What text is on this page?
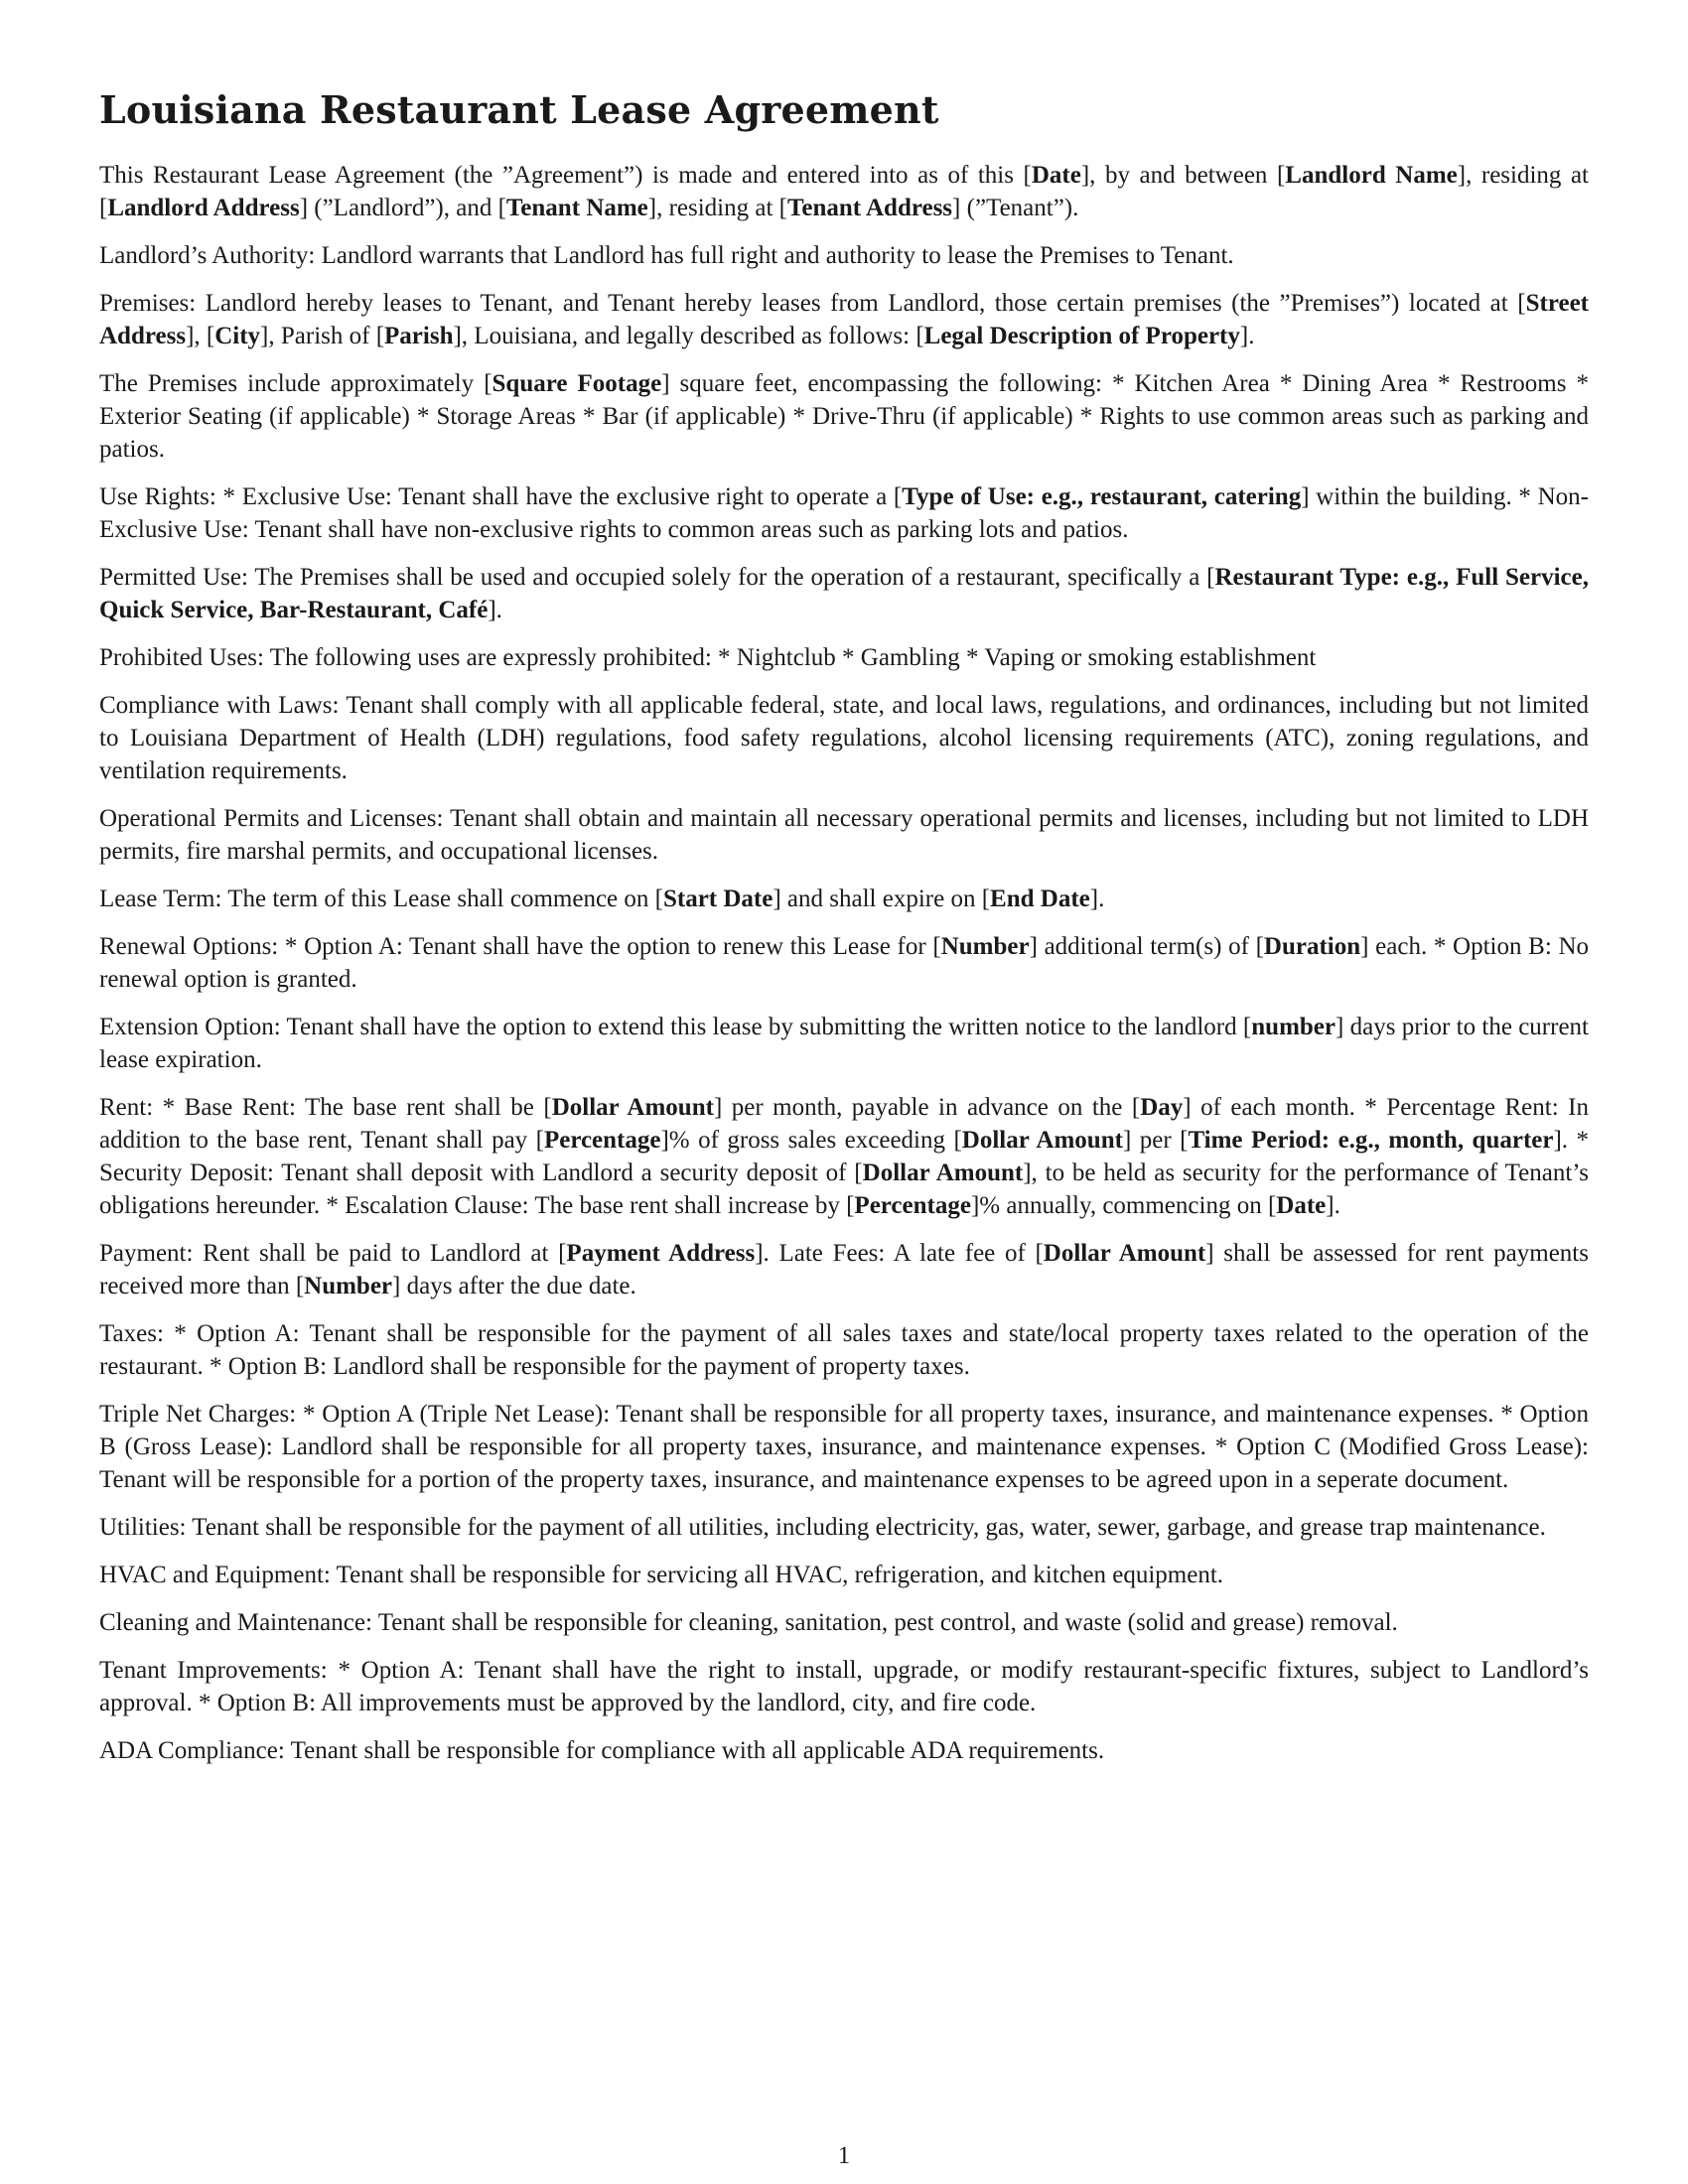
Louisiana Restaurant Lease Agreement

This Restaurant Lease Agreement (the ”Agreement”) is made and entered into as of this [Date], by and between [Landlord Name], residing at [Landlord Address] (”Landlord”), and [Tenant Name], residing at [Tenant Address] (”Tenant”).

Landlord’s Authority: Landlord warrants that Landlord has full right and authority to lease the Premises to Tenant.

Premises: Landlord hereby leases to Tenant, and Tenant hereby leases from Landlord, those certain premises (the ”Premises”) located at [Street Address], [City], Parish of [Parish], Louisiana, and legally described as follows: [Legal Description of Property].

The Premises include approximately [Square Footage] square feet, encompassing the following: * Kitchen Area * Dining Area * Restrooms * Exterior Seating (if applicable) * Storage Areas * Bar (if applicable) * Drive-Thru (if applicable) * Rights to use common areas such as parking and patios.

Use Rights: * Exclusive Use: Tenant shall have the exclusive right to operate a [Type of Use: e.g., restaurant, catering] within the building. * Non-Exclusive Use: Tenant shall have non-exclusive rights to common areas such as parking lots and patios.

Permitted Use: The Premises shall be used and occupied solely for the operation of a restaurant, specifically a [Restaurant Type: e.g., Full Service, Quick Service, Bar-Restaurant, Café].

Prohibited Uses: The following uses are expressly prohibited: * Nightclub * Gambling * Vaping or smoking establishment

Compliance with Laws: Tenant shall comply with all applicable federal, state, and local laws, regulations, and ordinances, including but not limited to Louisiana Department of Health (LDH) regulations, food safety regulations, alcohol licensing requirements (ATC), zoning regulations, and ventilation requirements.

Operational Permits and Licenses: Tenant shall obtain and maintain all necessary operational permits and licenses, including but not limited to LDH permits, fire marshal permits, and occupational licenses.

Lease Term: The term of this Lease shall commence on [Start Date] and shall expire on [End Date].

Renewal Options: * Option A: Tenant shall have the option to renew this Lease for [Number] additional term(s) of [Duration] each. * Option B: No renewal option is granted.

Extension Option: Tenant shall have the option to extend this lease by submitting the written notice to the landlord [number] days prior to the current lease expiration.

Rent: * Base Rent: The base rent shall be [Dollar Amount] per month, payable in advance on the [Day] of each month. * Percentage Rent: In addition to the base rent, Tenant shall pay [Percentage]% of gross sales exceeding [Dollar Amount] per [Time Period: e.g., month, quarter]. * Security Deposit: Tenant shall deposit with Landlord a security deposit of [Dollar Amount], to be held as security for the performance of Tenant’s obligations hereunder. * Escalation Clause: The base rent shall increase by [Percentage]% annually, commencing on [Date].

Payment: Rent shall be paid to Landlord at [Payment Address]. Late Fees: A late fee of [Dollar Amount] shall be assessed for rent payments received more than [Number] days after the due date.

Taxes: * Option A: Tenant shall be responsible for the payment of all sales taxes and state/local property taxes related to the operation of the restaurant. * Option B: Landlord shall be responsible for the payment of property taxes.

Triple Net Charges: * Option A (Triple Net Lease): Tenant shall be responsible for all property taxes, insurance, and maintenance expenses. * Option B (Gross Lease): Landlord shall be responsible for all property taxes, insurance, and maintenance expenses. * Option C (Modified Gross Lease): Tenant will be responsible for a portion of the property taxes, insurance, and maintenance expenses to be agreed upon in a seperate document.

Utilities: Tenant shall be responsible for the payment of all utilities, including electricity, gas, water, sewer, garbage, and grease trap maintenance.

HVAC and Equipment: Tenant shall be responsible for servicing all HVAC, refrigeration, and kitchen equipment.

Cleaning and Maintenance: Tenant shall be responsible for cleaning, sanitation, pest control, and waste (solid and grease) removal.

Tenant Improvements: * Option A: Tenant shall have the right to install, upgrade, or modify restaurant-specific fixtures, subject to Landlord’s approval. * Option B: All improvements must be approved by the landlord, city, and fire code.

ADA Compliance: Tenant shall be responsible for compliance with all applicable ADA requirements.

1
